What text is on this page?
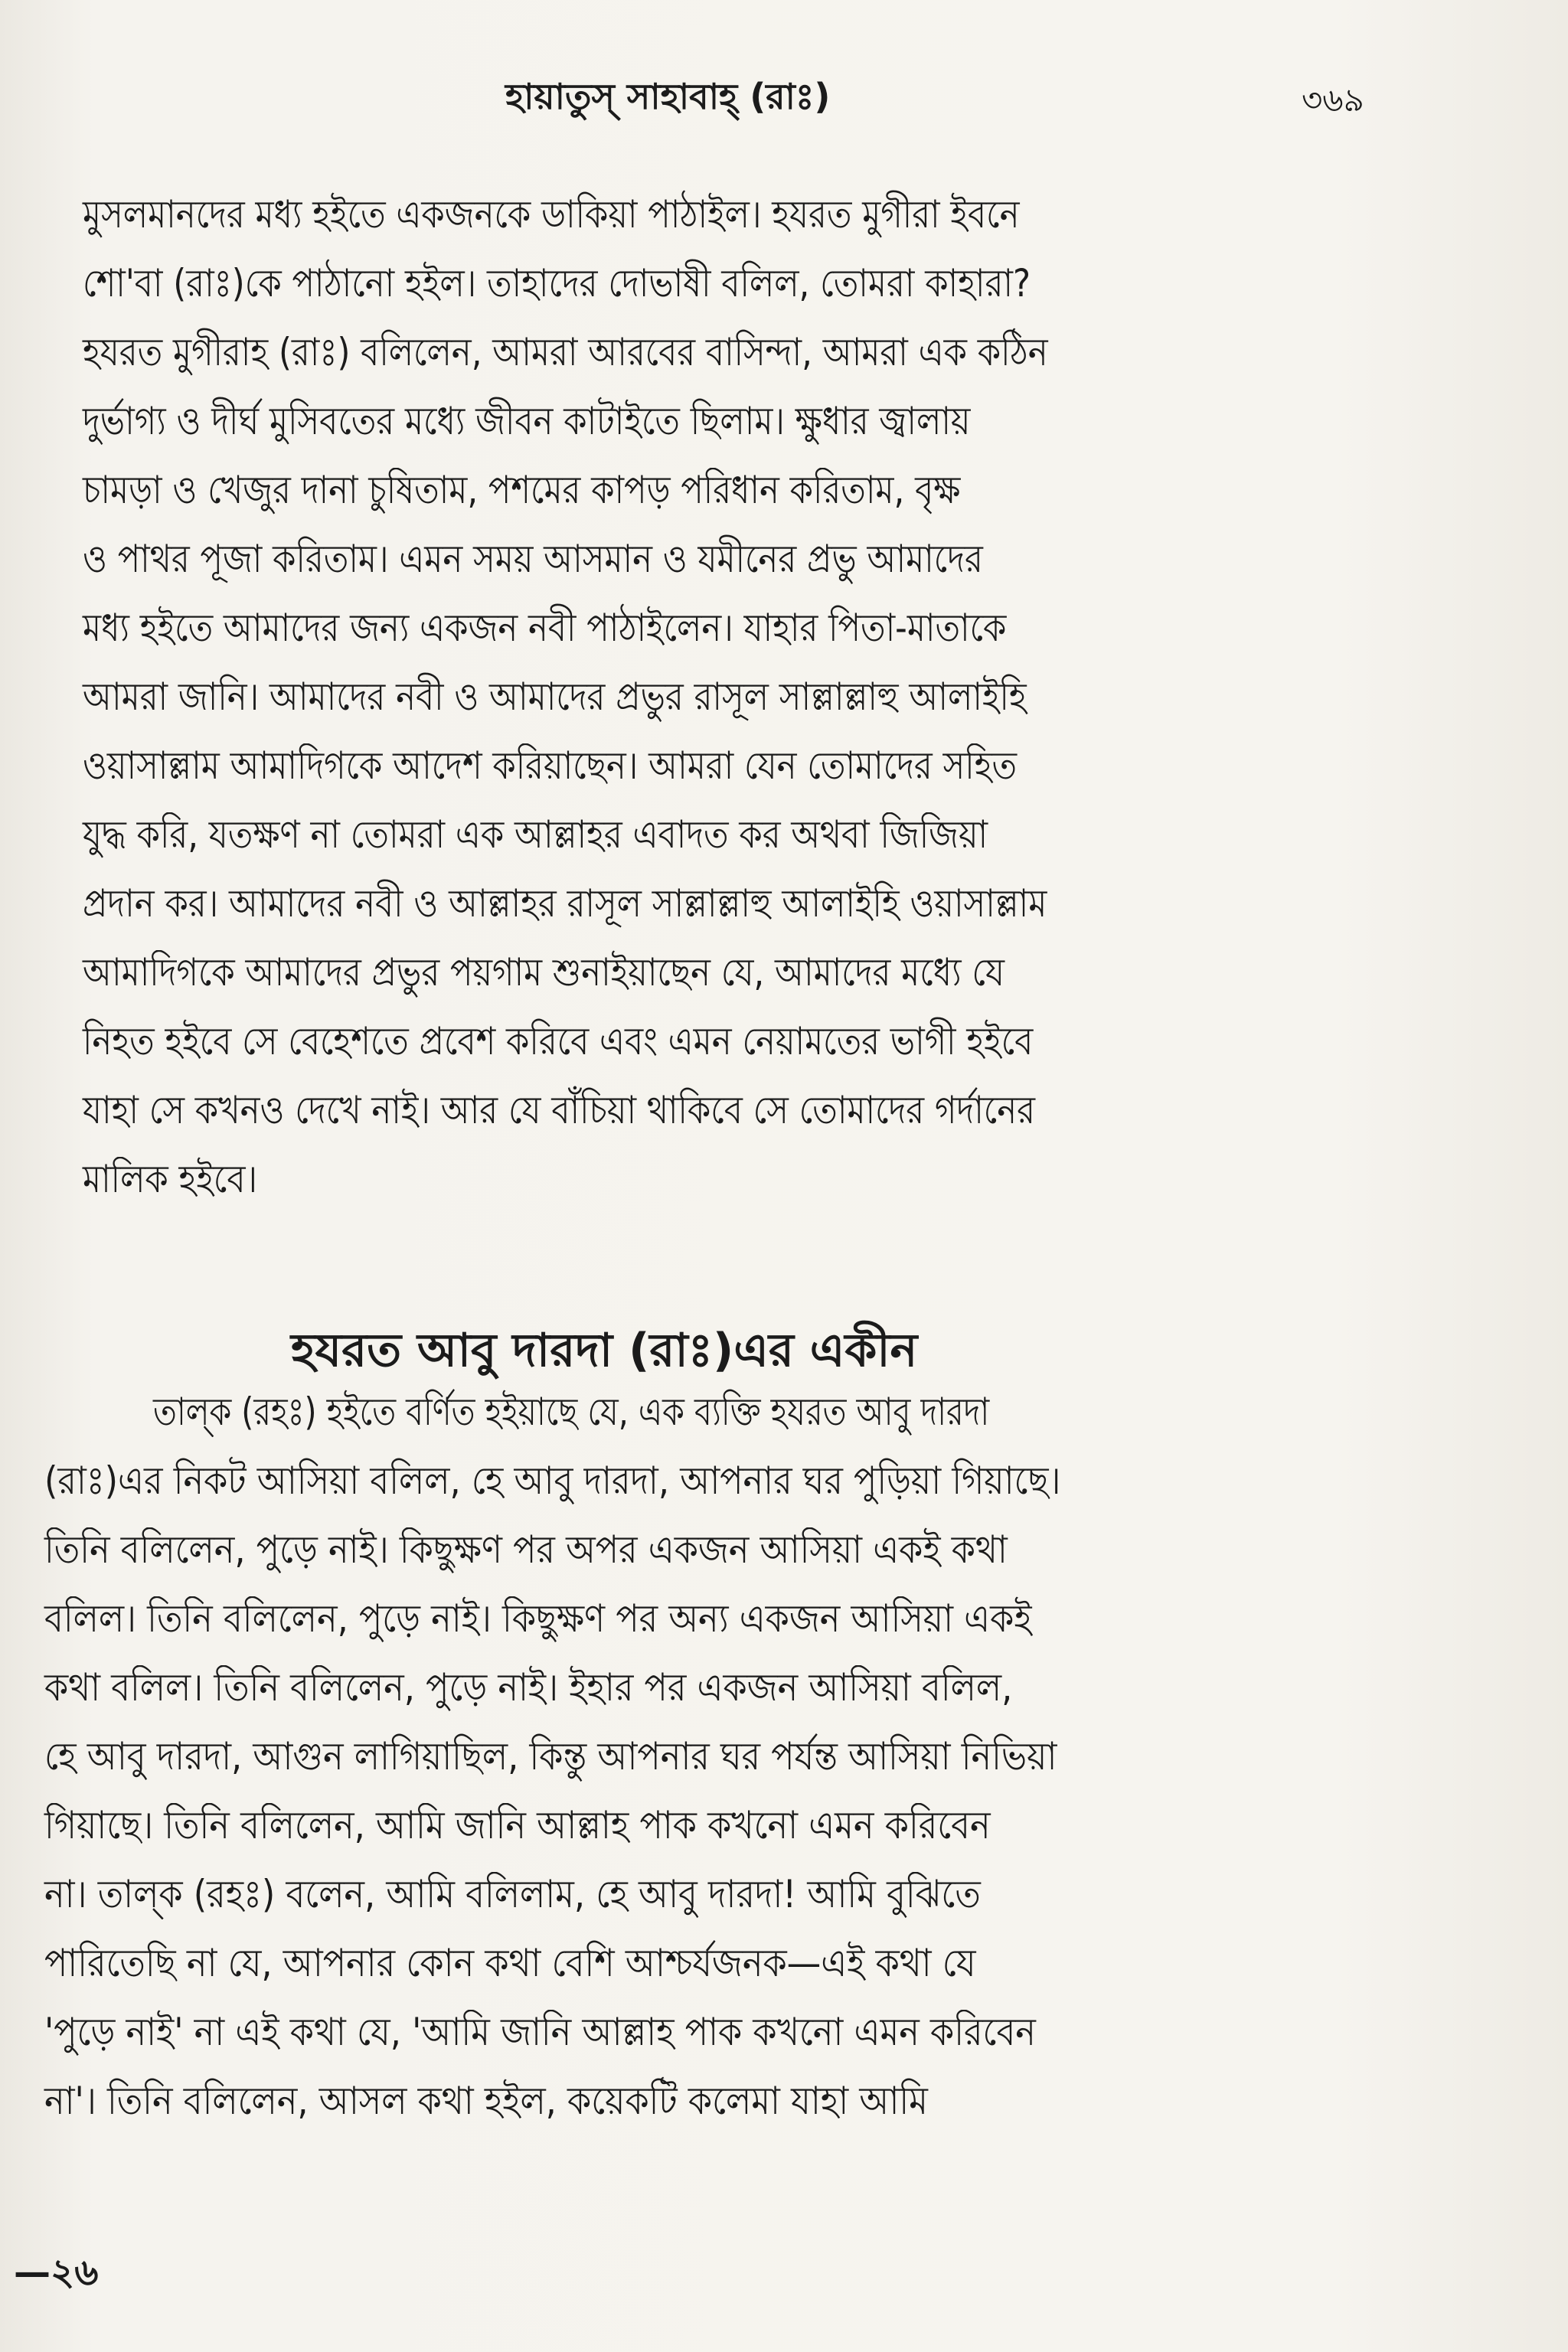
হায়াতুস্ সাহাবাহ্ (রাঃ)	৩৬৯
মুসলমানদের মধ্য হইতে একজনকে ডাকিয়া পাঠাইল। হযরত মুগীরা ইবনে
শো'বা (রাঃ)কে পাঠানো হইল। তাহাদের দোভাষী বলিল, তোমরা কাহারা?
হযরত মুগীরাহ (রাঃ) বলিলেন, আমরা আরবের বাসিন্দা, আমরা এক কঠিন
দুর্ভাগ্য ও দীর্ঘ মুসিবতের মধ্যে জীবন কাটাইতে ছিলাম। ক্ষুধার জ্বালায়
চামড়া ও খেজুর দানা চুষিতাম, পশমের কাপড় পরিধান করিতাম, বৃক্ষ
ও পাথর পূজা করিতাম। এমন সময় আসমান ও যমীনের প্রভু আমাদের
মধ্য হইতে আমাদের জন্য একজন নবী পাঠাইলেন। যাহার পিতা-মাতাকে
আমরা জানি। আমাদের নবী ও আমাদের প্রভুর রাসূল সাল্লাল্লাহু আলাইহি
ওয়াসাল্লাম আমাদিগকে আদেশ করিয়াছেন। আমরা যেন তোমাদের সহিত
যুদ্ধ করি, যতক্ষণ না তোমরা এক আল্লাহর এবাদত কর অথবা জিজিয়া
প্রদান কর। আমাদের নবী ও আল্লাহর রাসূল সাল্লাল্লাহু আলাইহি ওয়াসাল্লাম
আমাদিগকে আমাদের প্রভুর পয়গাম শুনাইয়াছেন যে, আমাদের মধ্যে যে
নিহত হইবে সে বেহেশতে প্রবেশ করিবে এবং এমন নেয়ামতের ভাগী হইবে
যাহা সে কখনও দেখে নাই। আর যে বাঁচিয়া থাকিবে সে তোমাদের গর্দানের
মালিক হইবে।
হযরত আবু দারদা (রাঃ)এর একীন
তাল্‌ক (রহঃ) হইতে বর্ণিত হইয়াছে যে, এক ব্যক্তি হযরত আবু দারদা
(রাঃ)এর নিকট আসিয়া বলিল, হে আবু দারদা, আপনার ঘর পুড়িয়া গিয়াছে।
তিনি বলিলেন, পুড়ে নাই। কিছুক্ষণ পর অপর একজন আসিয়া একই কথা
বলিল। তিনি বলিলেন, পুড়ে নাই। কিছুক্ষণ পর অন্য একজন আসিয়া একই
কথা বলিল। তিনি বলিলেন, পুড়ে নাই। ইহার পর একজন আসিয়া বলিল,
হে আবু দারদা, আগুন লাগিয়াছিল, কিন্তু আপনার ঘর পর্যন্ত আসিয়া নিভিয়া
গিয়াছে। তিনি বলিলেন, আমি জানি আল্লাহ পাক কখনো এমন করিবেন
না। তাল্‌ক (রহঃ) বলেন, আমি বলিলাম, হে আবু দারদা! আমি বুঝিতে
পারিতেছি না যে, আপনার কোন কথা বেশি আশ্চর্যজনক—এই কথা যে
'পুড়ে নাই' না এই কথা যে, 'আমি জানি আল্লাহ পাক কখনো এমন করিবেন
না'। তিনি বলিলেন, আসল কথা হইল, কয়েকটি কলেমা যাহা আমি
—২৬
